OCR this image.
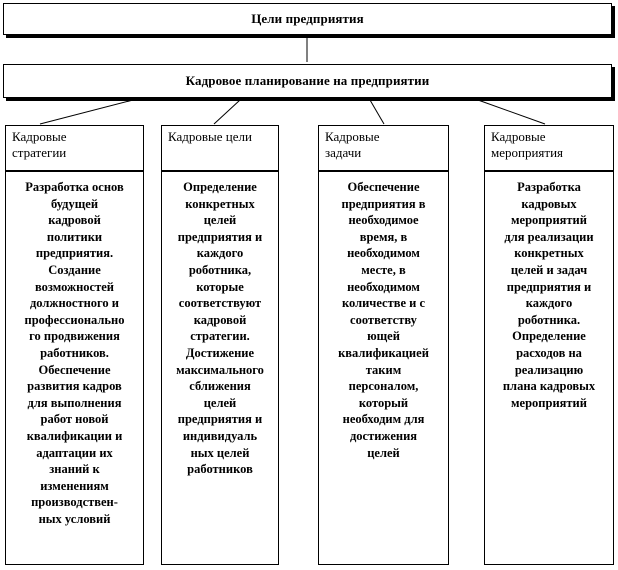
Цели предприятия
Кадровое планирование на предприятии
Кадровые
стратегии
Разработка основ
будущей
кадровой
политики
предприятия.
Создание
возможностей
должностного и
профессионально
го продвижения
работников.
Обеспечение
развития кадров
для выполнения
работ новой
квалификации и
адаптации их
знаний к
изменениям
производствен-
ных условий
Кадровые цели
Определение
конкретных
целей
предприятия и
каждого
роботника,
которые
соответствуют
кадровой
стратегии.
Достижение
максимального
сближения
целей
предприятия и
индивидуаль
ных целей
работников
Кадровые
задачи
Обеспечение
предприятия в
необходимое
время, в
необходимом
месте, в
необходимом
количестве и с
соответству
ющей
квалификацией
таким
персоналом,
который
необходим для
достижения
целей
Кадровые
мероприятия
Разработка
кадровых
мероприятий
для реализации
конкретных
целей и задач
предприятия и
каждого
роботника.
Определение
расходов на
реализацию
плана кадровых
мероприятий
